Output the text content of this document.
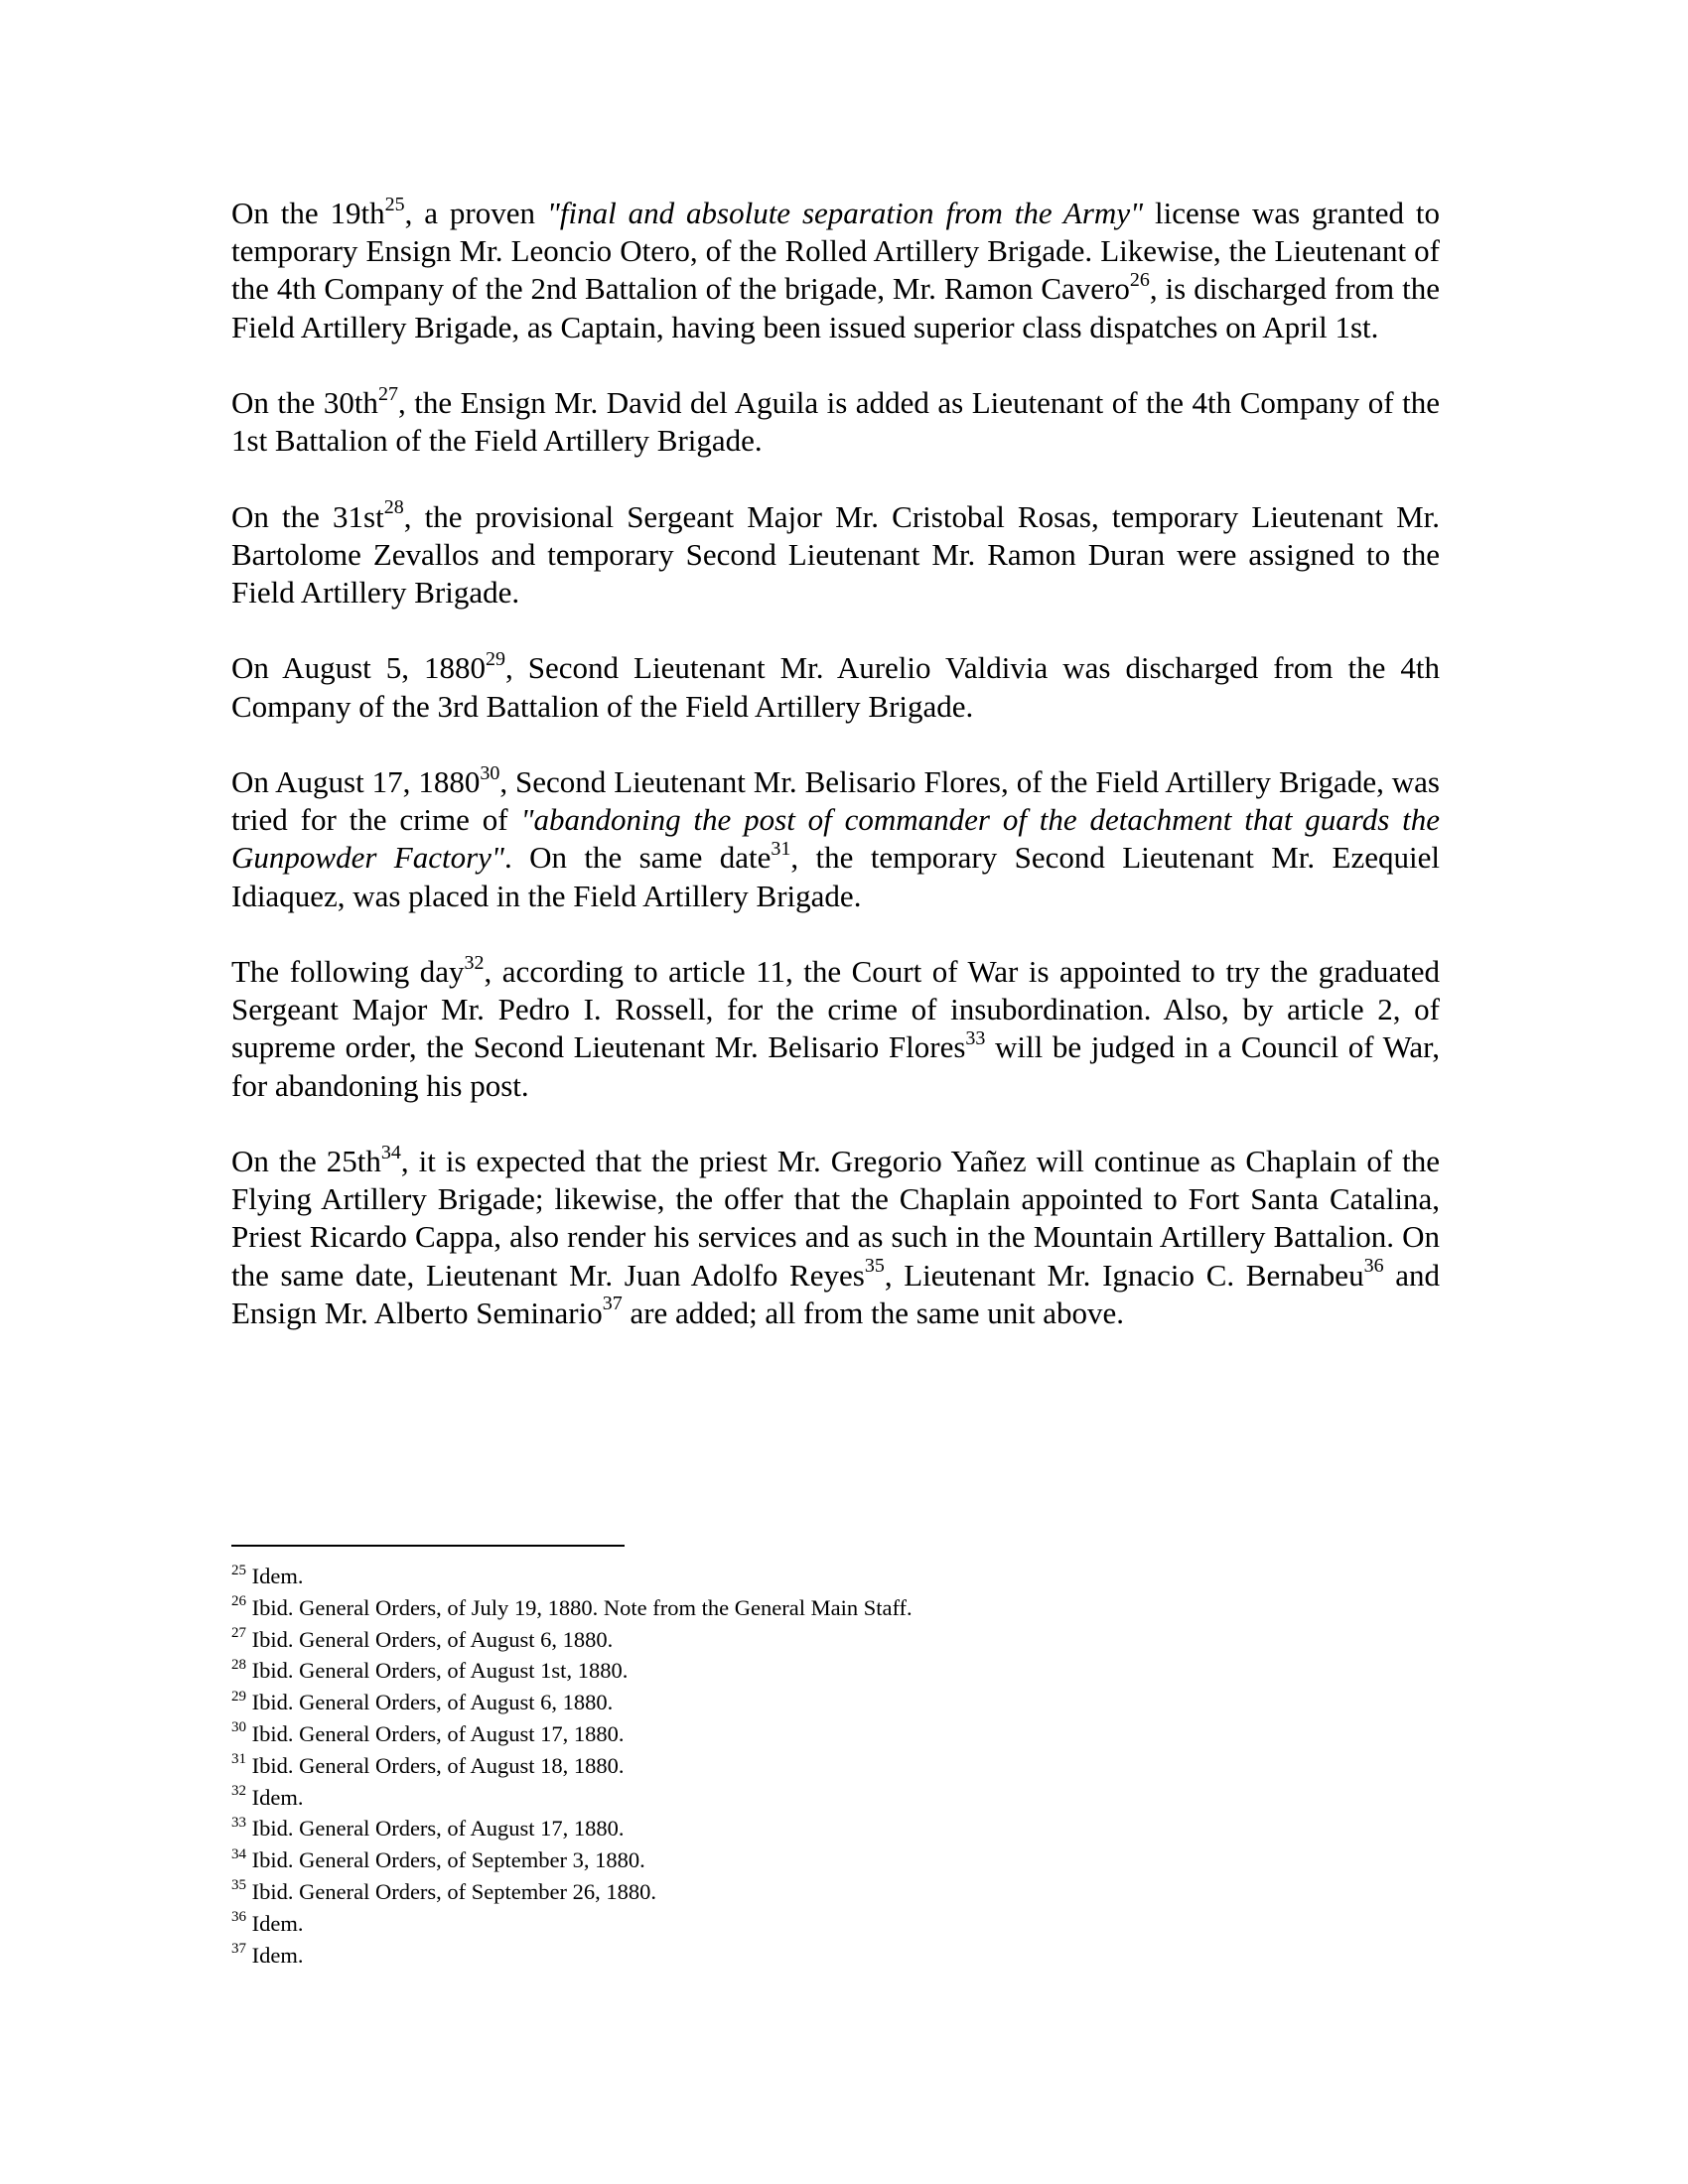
On the $19th^{25}$, a proven "final and absolute separation from the Army" license was granted to temporary Ensign Mr. Leoncio Otero, of the Rolled Artillery Brigade. Likewise, the Lieutenant of the 4th Company of the 2nd Battalion of the brigade, Mr. Ramon Cavero$^{26}$, is discharged from the Field Artillery Brigade, as Captain, having been issued superior class dispatches on April 1st.

On the $30th^{27}$, the Ensign Mr. David del Aguila is added as Lieutenant of the 4th Company of the 1st Battalion of the Field Artillery Brigade.

On the $31st^{28}$, the provisional Sergeant Major Mr. Cristobal Rosas, temporary Lieutenant Mr. Bartolome Zevallos and temporary Second Lieutenant Mr. Ramon Duran were assigned to the Field Artillery Brigade.

On August 5, 1880$^{29}$, Second Lieutenant Mr. Aurelio Valdivia was discharged from the 4th Company of the 3rd Battalion of the Field Artillery Brigade.

On August 17, 1880$^{30}$, Second Lieutenant Mr. Belisario Flores, of the Field Artillery Brigade, was tried for the crime of "abandoning the post of commander of the detachment that guards the Gunpowder Factory". On the same date$^{31}$, the temporary Second Lieutenant Mr. Ezequiel Idiaquez, was placed in the Field Artillery Brigade.

The following day$^{32}$, according to article 11, the Court of War is appointed to try the graduated Sergeant Major Mr. Pedro I. Rossell, for the crime of insubordination. Also, by article 2, of supreme order, the Second Lieutenant Mr. Belisario Flores$^{33}$ will be judged in a Council of War, for abandoning his post.

On the $25th^{34}$, it is expected that the priest Mr. Gregorio Yañez will continue as Chaplain of the Flying Artillery Brigade; likewise, the offer that the Chaplain appointed to Fort Santa Catalina, Priest Ricardo Cappa, also render his services and as such in the Mountain Artillery Battalion. On the same date, Lieutenant Mr. Juan Adolfo Reyes$^{35}$, Lieutenant Mr. Ignacio C. Bernabeu$^{36}$ and Ensign Mr. Alberto Seminario$^{37}$ are added; all from the same unit above.

$^{25}$ Idem.
$^{26}$ Ibid. General Orders, of July 19, 1880. Note from the General Main Staff.
$^{27}$ Ibid. General Orders, of August 6, 1880.
$^{28}$ Ibid. General Orders, of August 1st, 1880.
$^{29}$ Ibid. General Orders, of August 6, 1880.
$^{30}$ Ibid. General Orders, of August 17, 1880.
$^{31}$ Ibid. General Orders, of August 18, 1880.
$^{32}$ Idem.
$^{33}$ Ibid. General Orders, of August 17, 1880.
$^{34}$ Ibid. General Orders, of September 3, 1880.
$^{35}$ Ibid. General Orders, of September 26, 1880.
$^{36}$ Idem.
$^{37}$ Idem.
